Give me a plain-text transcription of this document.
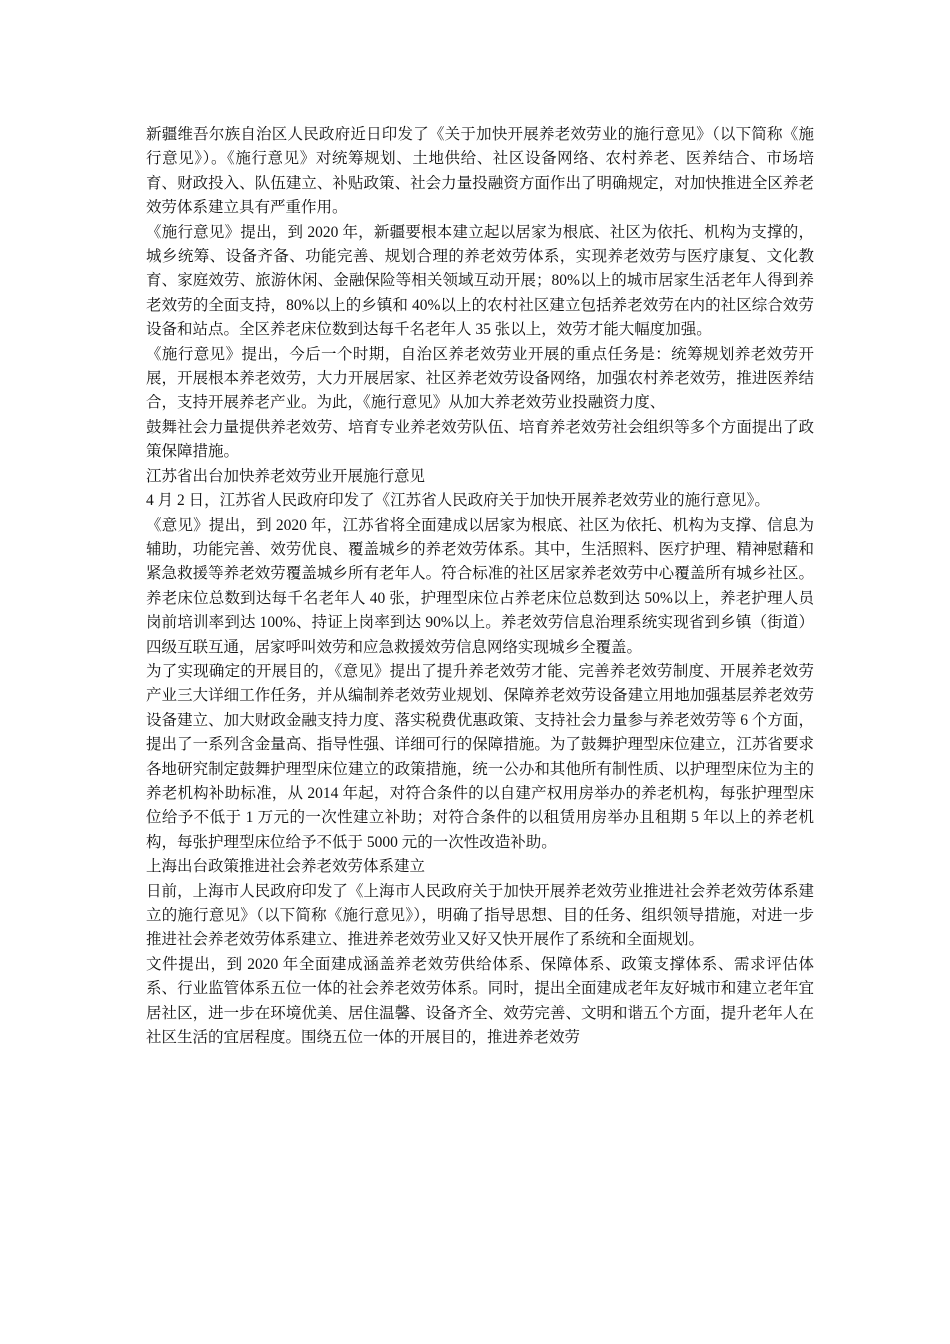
新疆维吾尔族自治区人民政府近日印发了《关于加快开展养老效劳业的施行意见》（以下简称《施行意见》）。《施行意见》对统筹规划、土地供给、社区设备网络、农村养老、医养结合、市场培育、财政投入、队伍建立、补贴政策、社会力量投融资方面作出了明确规定，对加快推进全区养老效劳体系建立具有严重作用。

《施行意见》提出，到 2020 年，新疆要根本建立起以居家为根底、社区为依托、机构为支撑的，城乡统筹、设备齐备、功能完善、规划合理的养老效劳体系，实现养老效劳与医疗康复、文化教育、家庭效劳、旅游休闲、金融保险等相关领域互动开展；80%以上的城市居家生活老年人得到养老效劳的全面支持，80%以上的乡镇和 40%以上的农村社区建立包括养老效劳在内的社区综合效劳设备和站点。全区养老床位数到达每千名老年人 35 张以上，效劳才能大幅度加强。

《施行意见》提出，今后一个时期，自治区养老效劳业开展的重点任务是：统筹规划养老效劳开展，开展根本养老效劳，大力开展居家、社区养老效劳设备网络，加强农村养老效劳，推进医养结合，支持开展养老产业。为此，《施行意见》从加大养老效劳业投融资力度、

鼓舞社会力量提供养老效劳、培育专业养老效劳队伍、培育养老效劳社会组织等多个方面提出了政策保障措施。

江苏省出台加快养老效劳业开展施行意见

4 月 2 日，江苏省人民政府印发了《江苏省人民政府关于加快开展养老效劳业的施行意见》。

《意见》提出，到 2020 年，江苏省将全面建成以居家为根底、社区为依托、机构为支撑、信息为辅助，功能完善、效劳优良、覆盖城乡的养老效劳体系。其中，生活照料、医疗护理、精神慰藉和紧急救援等养老效劳覆盖城乡所有老年人。符合标准的社区居家养老效劳中心覆盖所有城乡社区。养老床位总数到达每千名老年人 40 张，护理型床位占养老床位总数到达 50%以上，养老护理人员岗前培训率到达 100%、持证上岗率到达 90%以上。养老效劳信息治理系统实现省到乡镇（街道）四级互联互通，居家呼叫效劳和应急救援效劳信息网络实现城乡全覆盖。

为了实现确定的开展目的，《意见》提出了提升养老效劳才能、完善养老效劳制度、开展养老效劳产业三大详细工作任务，并从编制养老效劳业规划、保障养老效劳设备建立用地加强基层养老效劳设备建立、加大财政金融支持力度、落实税费优惠政策、支持社会力量参与养老效劳等 6 个方面，提出了一系列含金量高、指导性强、详细可行的保障措施。为了鼓舞护理型床位建立，江苏省要求各地研究制定鼓舞护理型床位建立的政策措施，统一公办和其他所有制性质、以护理型床位为主的养老机构补助标准，从 2014 年起，对符合条件的以自建产权用房举办的养老机构，每张护理型床位给予不低于 1 万元的一次性建立补助；对符合条件的以租赁用房举办且租期 5 年以上的养老机构，每张护理型床位给予不低于 5000 元的一次性改造补助。

上海出台政策推进社会养老效劳体系建立

日前，上海市人民政府印发了《上海市人民政府关于加快开展养老效劳业推进社会养老效劳体系建立的施行意见》（以下简称《施行意见》），明确了指导思想、目的任务、组织领导措施，对进一步推进社会养老效劳体系建立、推进养老效劳业又好又快开展作了系统和全面规划。

文件提出，到 2020 年全面建成涵盖养老效劳供给体系、保障体系、政策支撑体系、需求评估体系、行业监管体系五位一体的社会养老效劳体系。同时，提出全面建成老年友好城市和建立老年宜居社区，进一步在环境优美、居住温馨、设备齐全、效劳完善、文明和谐五个方面，提升老年人在社区生活的宜居程度。围绕五位一体的开展目的，推进养老效劳
